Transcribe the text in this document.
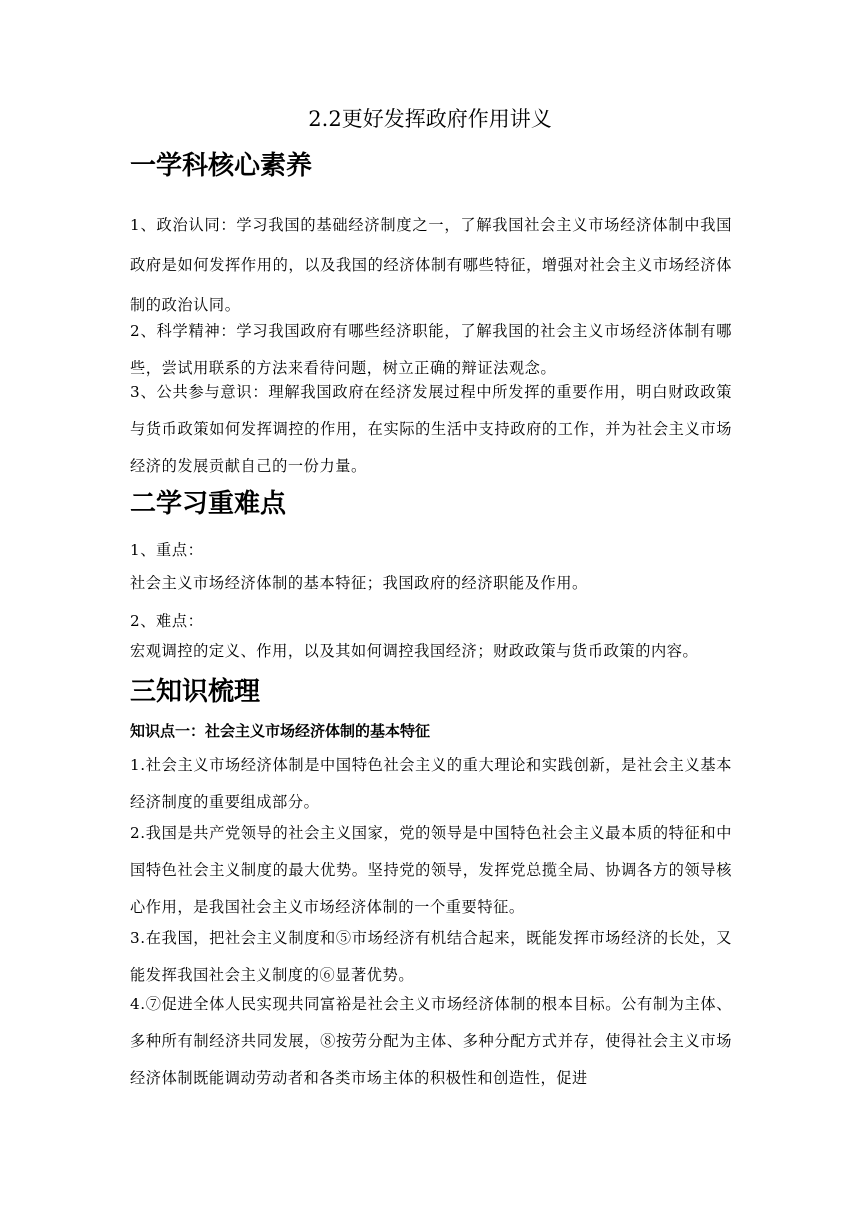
2.2更好发挥政府作用讲义
一学科核心素养

1、政治认同：学习我国的基础经济制度之一，了解我国社会主义市场经济体制中我国政府是如何发挥作用的，以及我国的经济体制有哪些特征，增强对社会主义市场经济体制的政治认同。

2、科学精神：学习我国政府有哪些经济职能，了解我国的社会主义市场经济体制有哪些，尝试用联系的方法来看待问题，树立正确的辩证法观念。

3、公共参与意识：理解我国政府在经济发展过程中所发挥的重要作用，明白财政政策与货币政策如何发挥调控的作用，在实际的生活中支持政府的工作，并为社会主义市场经济的发展贡献自己的一份力量。

二学习重难点

1、重点：

社会主义市场经济体制的基本特征；我国政府的经济职能及作用。

2、难点：

宏观调控的定义、作用，以及其如何调控我国经济；财政政策与货币政策的内容。

三知识梳理

知识点一：社会主义市场经济体制的基本特征

1.社会主义市场经济体制是中国特色社会主义的重大理论和实践创新，是社会主义基本经济制度的重要组成部分。

2.我国是共产党领导的社会主义国家，党的领导是中国特色社会主义最本质的特征和中国特色社会主义制度的最大优势。坚持党的领导，发挥党总揽全局、协调各方的领导核心作用，是我国社会主义市场经济体制的一个重要特征。

3.在我国，把社会主义制度和⑤市场经济有机结合起来，既能发挥市场经济的长处，又能发挥我国社会主义制度的⑥显著优势。

4.⑦促进全体人民实现共同富裕是社会主义市场经济体制的根本目标。公有制为主体、多种所有制经济共同发展，⑧按劳分配为主体、多种分配方式并存，使得社会主义市场经济体制既能调动劳动者和各类市场主体的积极性和创造性，促进
